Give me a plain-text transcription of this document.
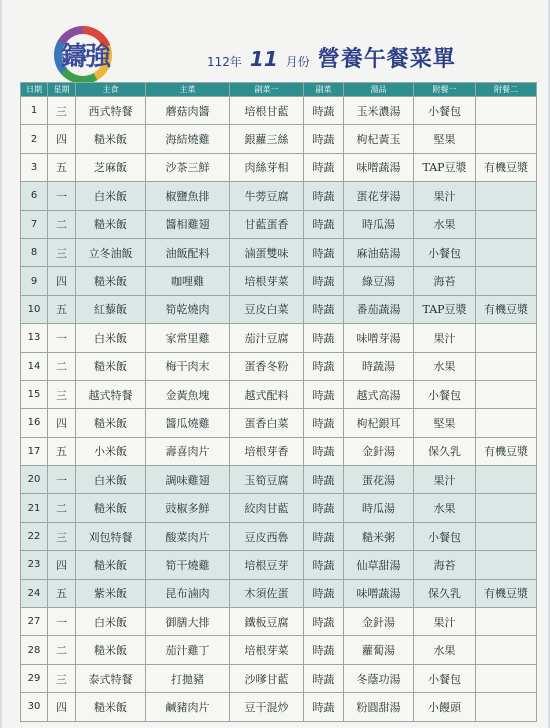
鑄強	112年 11 月份 營養午餐菜單
日期	星期	主食	主菜	副菜一	副菜	湯品	附餐一	附餐二
1	三	西式特餐	蘑菇肉醬	培根甘藍	時蔬	玉米濃湯	小餐包	
2	四	糙米飯	海結燒雞	銀蘿三絲	時蔬	枸杞黃玉	堅果	
3	五	芝麻飯	沙茶三鮮	肉絲芽相	時蔬	味噌蔬湯	TAP豆漿	有機豆漿
6	一	白米飯	椒鹽魚排	牛蒡豆腐	時蔬	蛋花芽湯	果汁	
7	二	糙米飯	醬相雞翅	甘藍蛋香	時蔬	時瓜湯	水果	
8	三	立冬油飯	油飯配料	滷蛋雙味	時蔬	麻油菇湯	小餐包	
9	四	糙米飯	咖哩雞	培根芽菜	時蔬	綠豆湯	海苔	
10	五	紅藜飯	筍乾燒肉	豆皮白菜	時蔬	番茄蔬湯	TAP豆漿	有機豆漿
13	一	白米飯	家常里雞	茄汁豆腐	時蔬	味噌芽湯	果汁	
14	二	糙米飯	梅干肉末	蛋香冬粉	時蔬	時蔬湯	水果	
15	三	越式特餐	金黃魚塊	越式配料	時蔬	越式高湯	小餐包	
16	四	糙米飯	醬瓜燒雞	蛋香白菜	時蔬	枸杞銀耳	堅果	
17	五	小米飯	壽喜肉片	培根芽香	時蔬	金針湯	保久乳	有機豆漿
20	一	白米飯	調味雞翅	玉筍豆腐	時蔬	蛋花湯	果汁	
21	二	糙米飯	豉椒多鮮	絞肉甘藍	時蔬	時瓜湯	水果	
22	三	刈包特餐	酸菜肉片	豆皮西魯	時蔬	糙米粥	小餐包	
23	四	糙米飯	筍干燒雞	培根豆芽	時蔬	仙草甜湯	海苔	
24	五	紫米飯	昆布滷肉	木須佐蛋	時蔬	味噌蔬湯	保久乳	有機豆漿
27	一	白米飯	御膳大排	鐵板豆腐	時蔬	金針湯	果汁	
28	二	糙米飯	茄汁雞丁	培根芽菜	時蔬	蘿蔔湯	水果	
29	三	泰式特餐	打拋豬	沙嗲甘藍	時蔬	冬蔭功湯	小餐包	
30	四	糙米飯	鹹豬肉片	豆干混炒	時蔬	粉圓甜湯	小饅頭	
